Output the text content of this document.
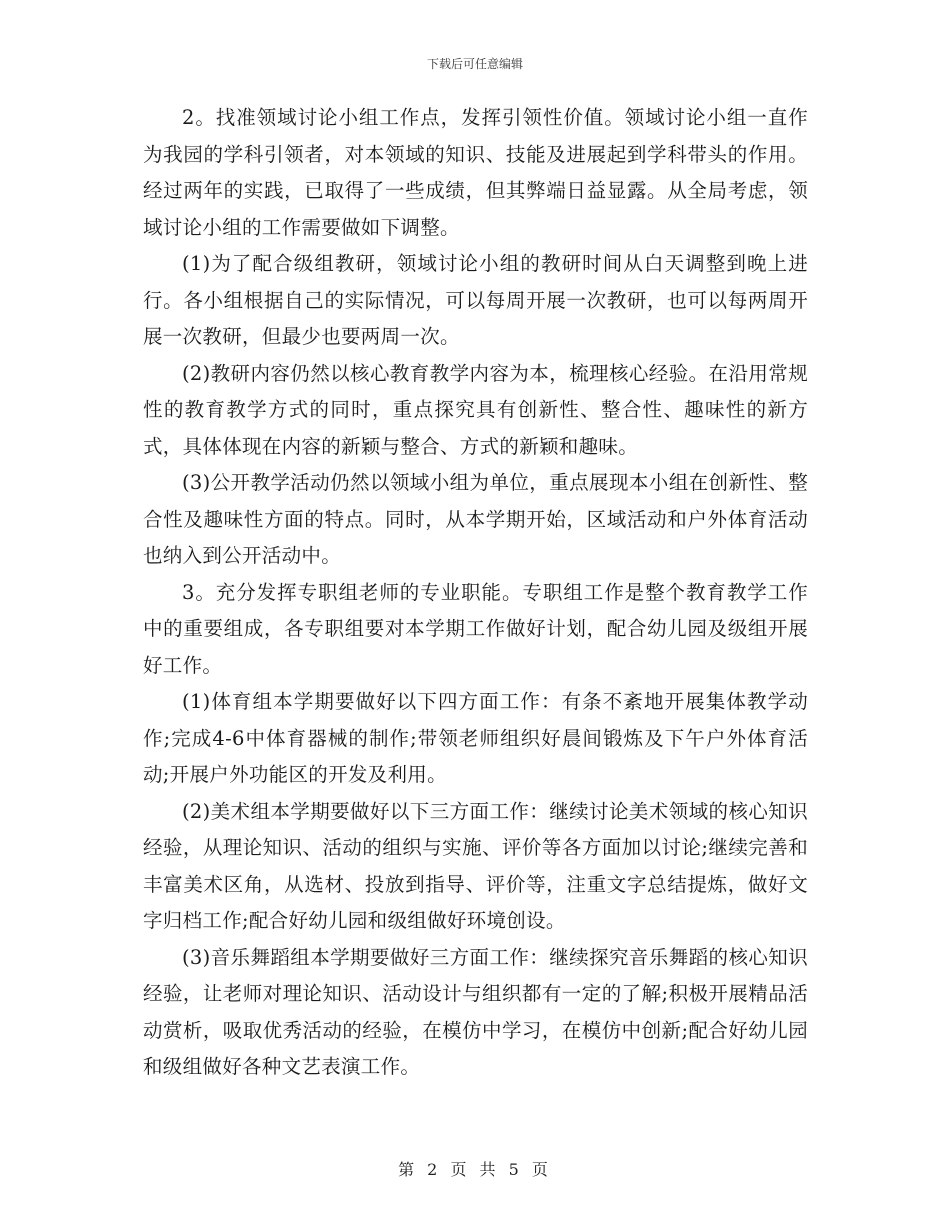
下载后可任意编辑

2。找准领域讨论小组工作点，发挥引领性价值。领域讨论小组一直作为我园的学科引领者，对本领域的知识、技能及进展起到学科带头的作用。经过两年的实践，已取得了一些成绩，但其弊端日益显露。从全局考虑，领域讨论小组的工作需要做如下调整。

(1)为了配合级组教研，领域讨论小组的教研时间从白天调整到晚上进行。各小组根据自己的实际情况，可以每周开展一次教研，也可以每两周开展一次教研，但最少也要两周一次。

(2)教研内容仍然以核心教育教学内容为本，梳理核心经验。在沿用常规性的教育教学方式的同时，重点探究具有创新性、整合性、趣味性的新方式，具体体现在内容的新颖与整合、方式的新颖和趣味。

(3)公开教学活动仍然以领域小组为单位，重点展现本小组在创新性、整合性及趣味性方面的特点。同时，从本学期开始，区域活动和户外体育活动也纳入到公开活动中。

3。充分发挥专职组老师的专业职能。专职组工作是整个教育教学工作中的重要组成，各专职组要对本学期工作做好计划，配合幼儿园及级组开展好工作。

(1)体育组本学期要做好以下四方面工作：有条不紊地开展集体教学动作;完成4-6中体育器械的制作;带领老师组织好晨间锻炼及下午户外体育活动;开展户外功能区的开发及利用。

(2)美术组本学期要做好以下三方面工作：继续讨论美术领域的核心知识经验，从理论知识、活动的组织与实施、评价等各方面加以讨论;继续完善和丰富美术区角，从选材、投放到指导、评价等，注重文字总结提炼，做好文字归档工作;配合好幼儿园和级组做好环境创设。

(3)音乐舞蹈组本学期要做好三方面工作：继续探究音乐舞蹈的核心知识经验，让老师对理论知识、活动设计与组织都有一定的了解;积极开展精品活动赏析，吸取优秀活动的经验，在模仿中学习，在模仿中创新;配合好幼儿园和级组做好各种文艺表演工作。

第 2 页 共 5 页
